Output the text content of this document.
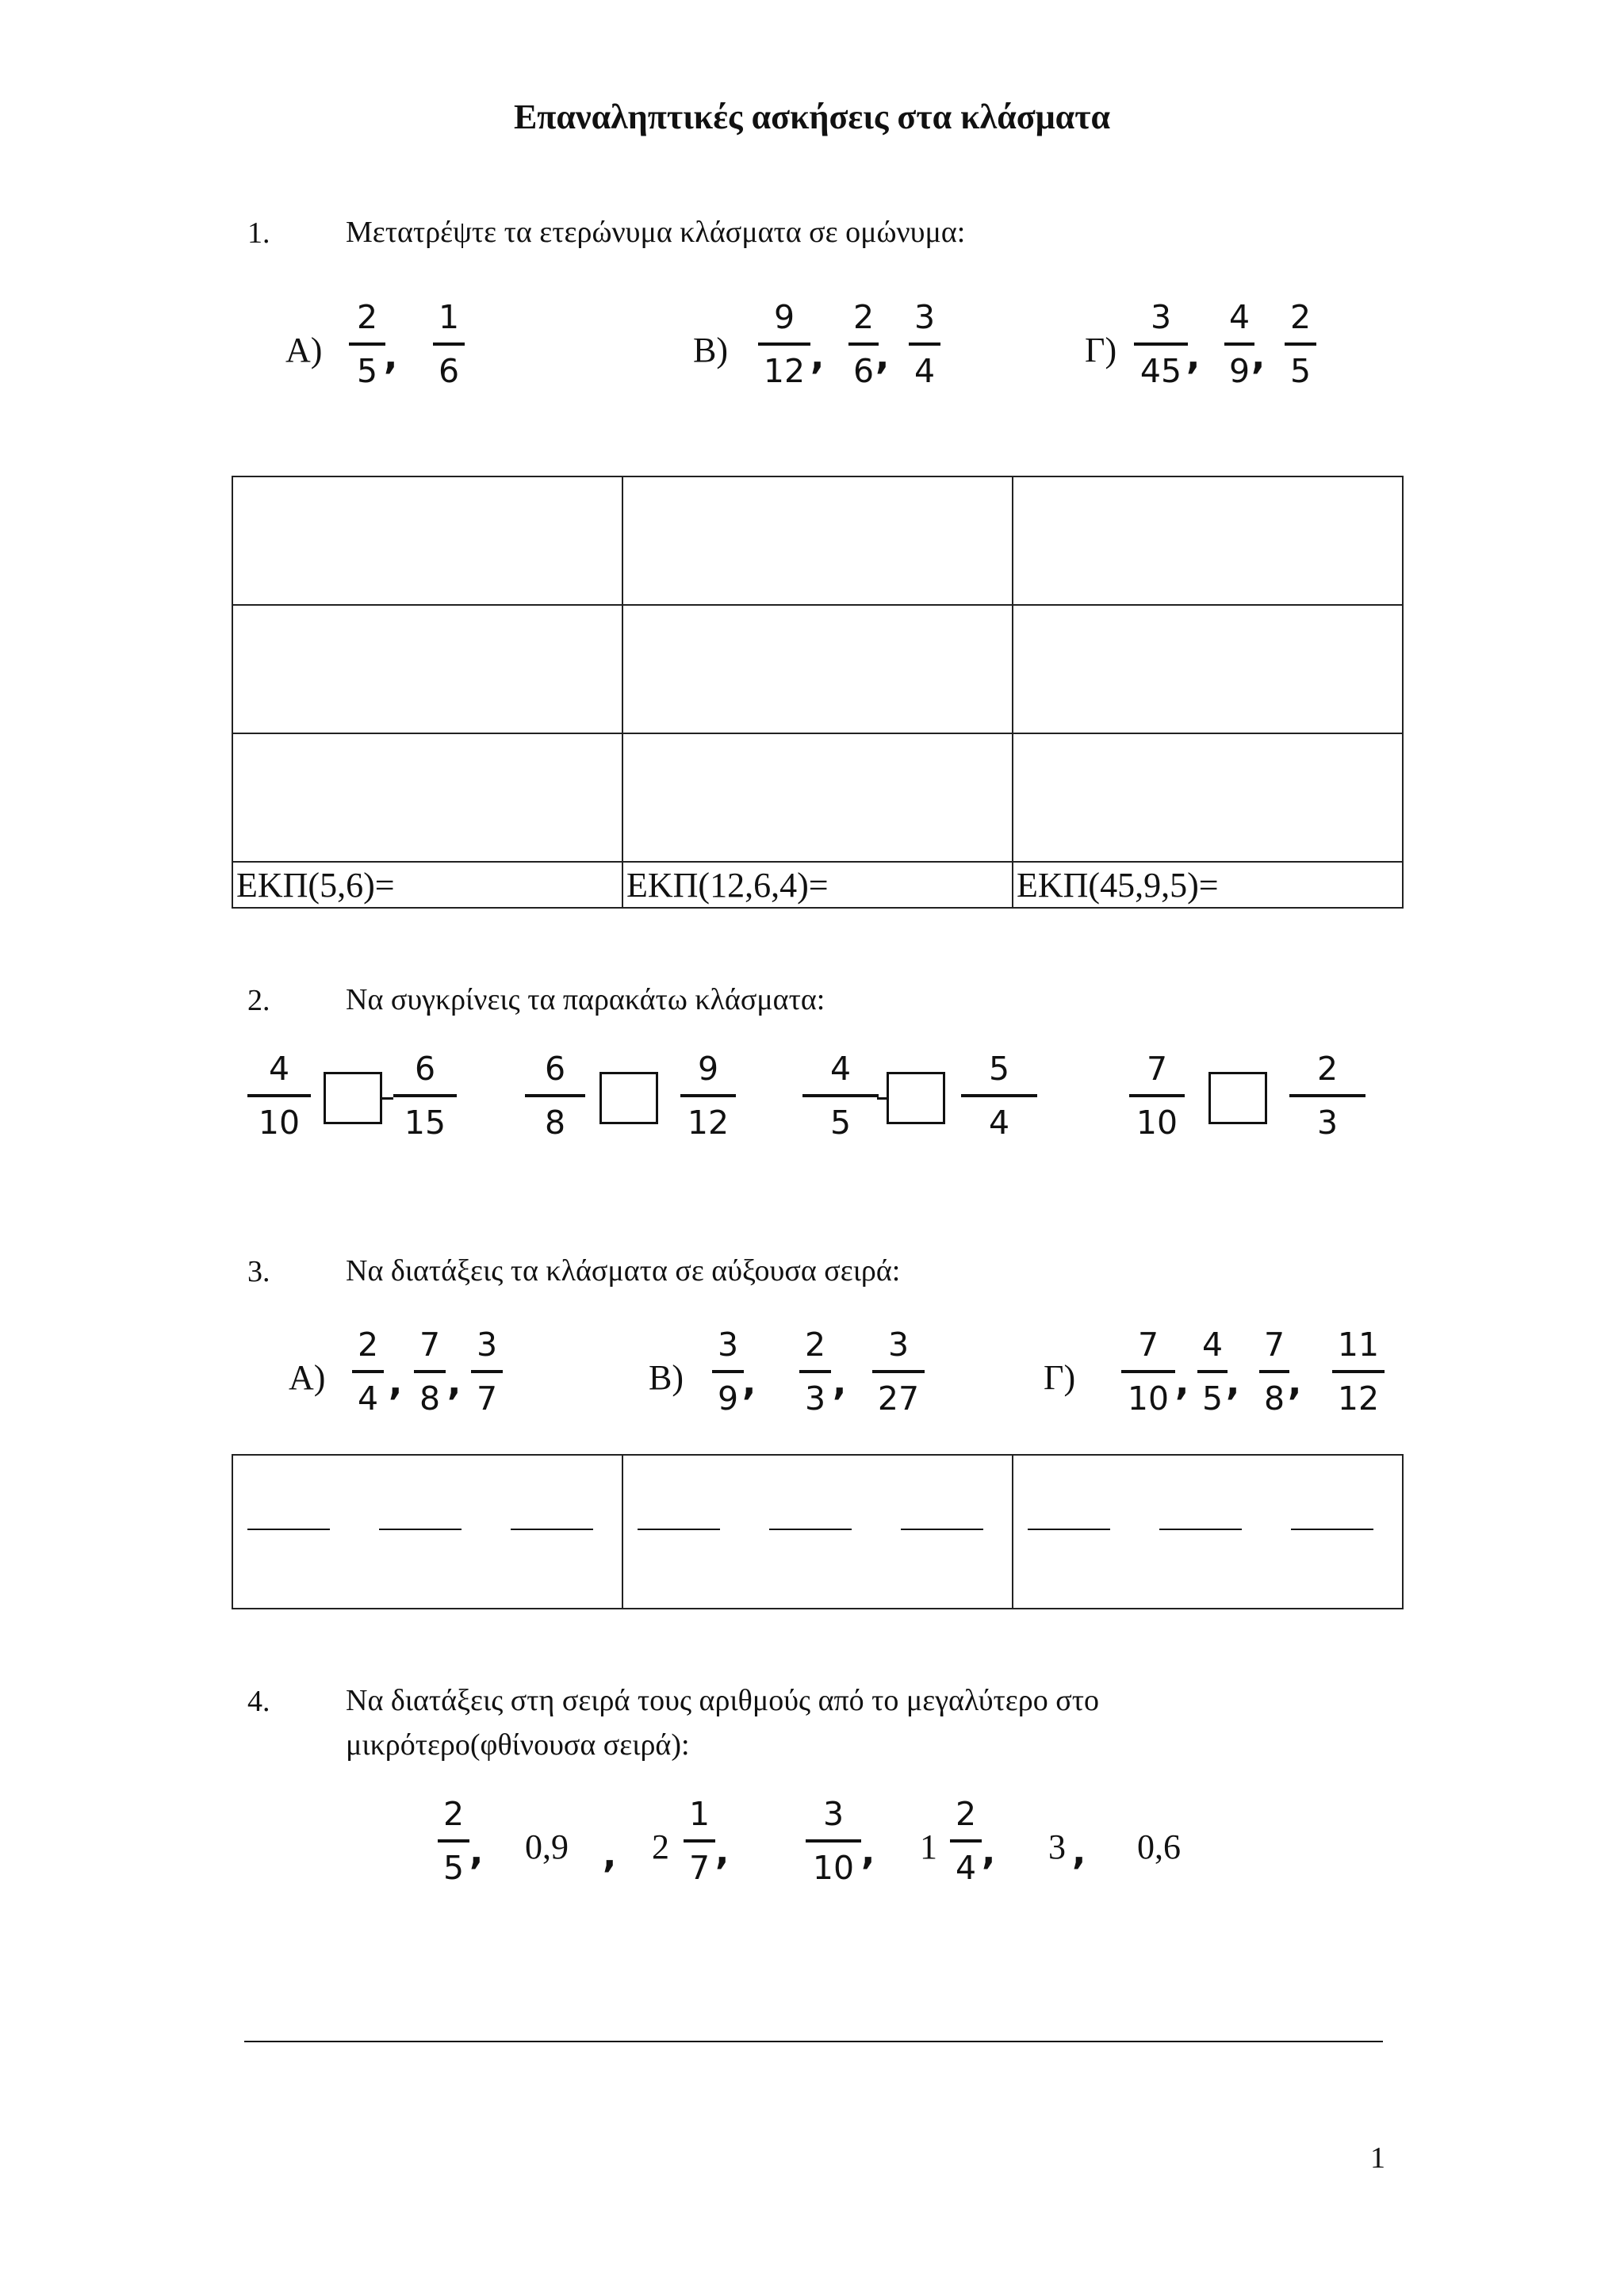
Επαναληπτικές ασκήσεις στα κλάσματα
1.	Μετατρέψτε τα ετερώνυμα κλάσματα σε ομώνυμα:
Α)
2
5 ,
1
6
Β)
9
12 ,
2
6 ,
3
4
Γ)
3
45 ,
4
9 ,
2
5

ΕΚΠ(5,6)=	ΕΚΠ(12,6,4)=	ΕΚΠ(45,9,5)=
2.	Να συγκρίνεις τα παρακάτω κλάσματα:
4
10
6
15
6
8
9
12
4
5
5
4
7
10
2
3
3.	Να διατάξεις τα κλάσματα σε αύξουσα σειρά:
Α)
2
4 ,
7
8 ,
3
7
Β)
3
9 ,
2
3 ,
3
27
Γ)
7
10 ,
4
5 ,
7
8 ,
11
12

4.	Να διατάξεις στη σειρά τους αριθμούς από το μεγαλύτερο στο
μικρότερο(φθίνουσα σειρά):
2
5 , 0,9 , 2
1
7 ,
3
10 , 1
2
4 , 3 , 0,6
1
